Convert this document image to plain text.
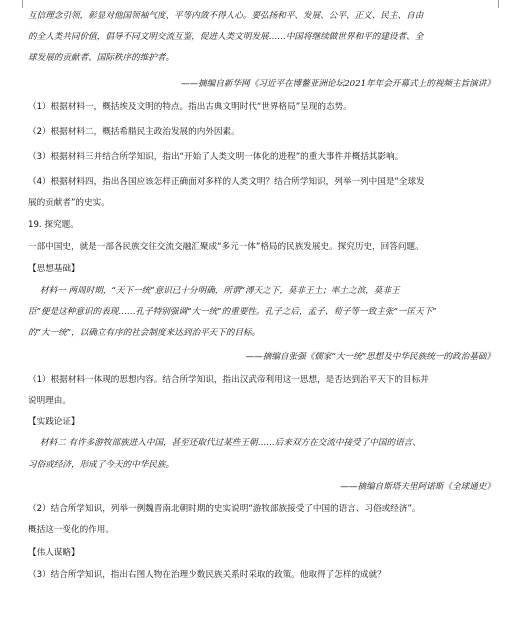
互信理念引领，彰显对他国领袖气度、平等内敛不得人心。要弘扬和平、发展、公平、正义、民主、自由
的全人类共同价值，倡导不同文明交流互鉴，促进人类文明发展……中国将继续做世界和平的建设者、全
球发展的贡献者、国际秩序的维护者。
——摘编自新华网《习近平在博鳌亚洲论坛2021年年会开幕式上的视频主旨演讲》
（1）根据材料一，概括埃及文明的特点。指出古典文明时代“世界格局”呈现的态势。
（2）根据材料二，概括希腊民主政治发展的内外因素。
（3）根据材料三并结合所学知识，指出“开始了人类文明一体化的进程”的重大事件并概括其影响。
（4）根据材料四，指出各国应该怎样正确面对多样的人类文明？结合所学知识，列举一列中国是“全球发
展的贡献者”的史实。
19. 探究题。
一部中国史，就是一部各民族交往交流交融汇聚成“多元一体”格局的民族发展史。探究历史，回答问题。
【思想基础】
材料一 两周时期，“天下一统”意识已十分明确，所谓“溥天之下，莫非王土；率土之滨，莫非王
臣”便是这种意识的表现……孔子特别强调“大一统”的重要性。孔子之后，孟子、荀子等一致主张“一匡天下”
的“大一统”，以确立有序的社会制度来达到治平天下的目标。
——摘编自张强《儒家“大一统”思想及中华民族统一的政治基础》
（1）根据材料一体现的思想内容。结合所学知识，指出汉武帝利用这一思想，是否达到治平天下的目标并
说明理由。
【实践论证】
材料二 有许多游牧部族进入中国，甚至还取代过某些王朝……后来双方在交流中接受了中国的语言、
习俗或经济，形成了今天的中华民族。
——摘编自斯塔夫里阿诺斯《全球通史》
（2）结合所学知识，列举一例魏晋南北朝时期的史实说明“游牧部族接受了中国的语言、习俗或经济”。
概括这一变化的作用。
【伟人谋略】
（3）结合所学知识，指出右图人物在治理少数民族关系时采取的政策。他取得了怎样的成就？
